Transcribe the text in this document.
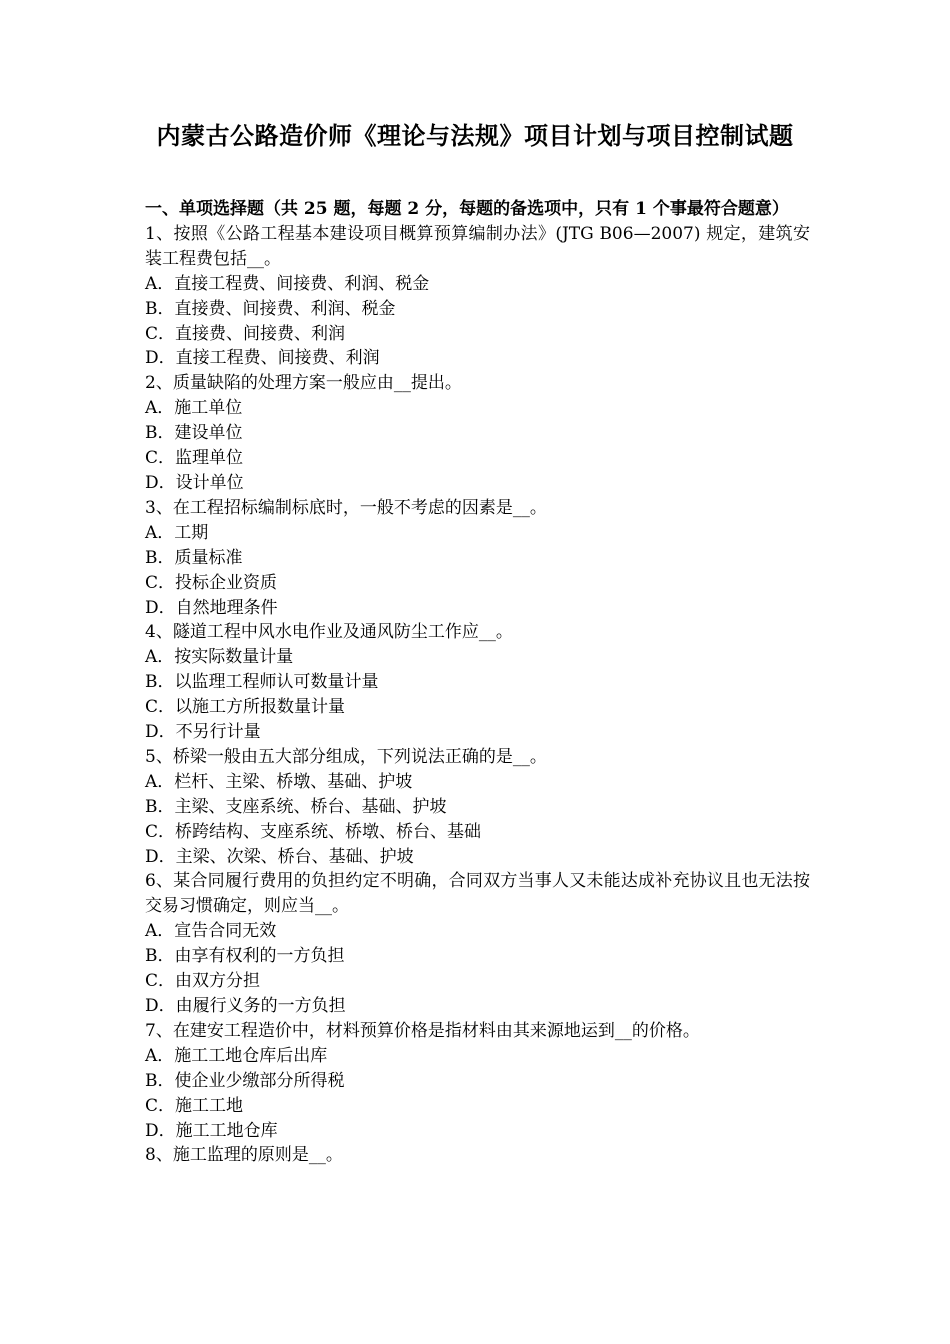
内蒙古公路造价师《理论与法规》项目计划与项目控制试题
一、单项选择题（共 25 题，每题 2 分，每题的备选项中，只有 1 个事最符合题意）
1、按照《公路工程基本建设项目概算预算编制办法》(JTG B06—2007) 规定，建筑安装工程费包括__。
A．直接工程费、间接费、利润、税金
B．直接费、间接费、利润、税金
C．直接费、间接费、利润
D．直接工程费、间接费、利润
2、质量缺陷的处理方案一般应由__提出。
A．施工单位
B．建设单位
C．监理单位
D．设计单位
3、在工程招标编制标底时，一般不考虑的因素是__。
A．工期
B．质量标准
C．投标企业资质
D．自然地理条件
4、隧道工程中风水电作业及通风防尘工作应__。
A．按实际数量计量
B．以监理工程师认可数量计量
C．以施工方所报数量计量
D．不另行计量
5、桥梁一般由五大部分组成，下列说法正确的是__。
A．栏杆、主梁、桥墩、基础、护坡
B．主梁、支座系统、桥台、基础、护坡
C．桥跨结构、支座系统、桥墩、桥台、基础
D．主梁、次梁、桥台、基础、护坡
6、某合同履行费用的负担约定不明确，合同双方当事人又未能达成补充协议且也无法按交易习惯确定，则应当__。
A．宣告合同无效
B．由享有权利的一方负担
C．由双方分担
D．由履行义务的一方负担
7、在建安工程造价中，材料预算价格是指材料由其来源地运到__的价格。
A．施工工地仓库后出库
B．使企业少缴部分所得税
C．施工工地
D．施工工地仓库
8、施工监理的原则是__。
